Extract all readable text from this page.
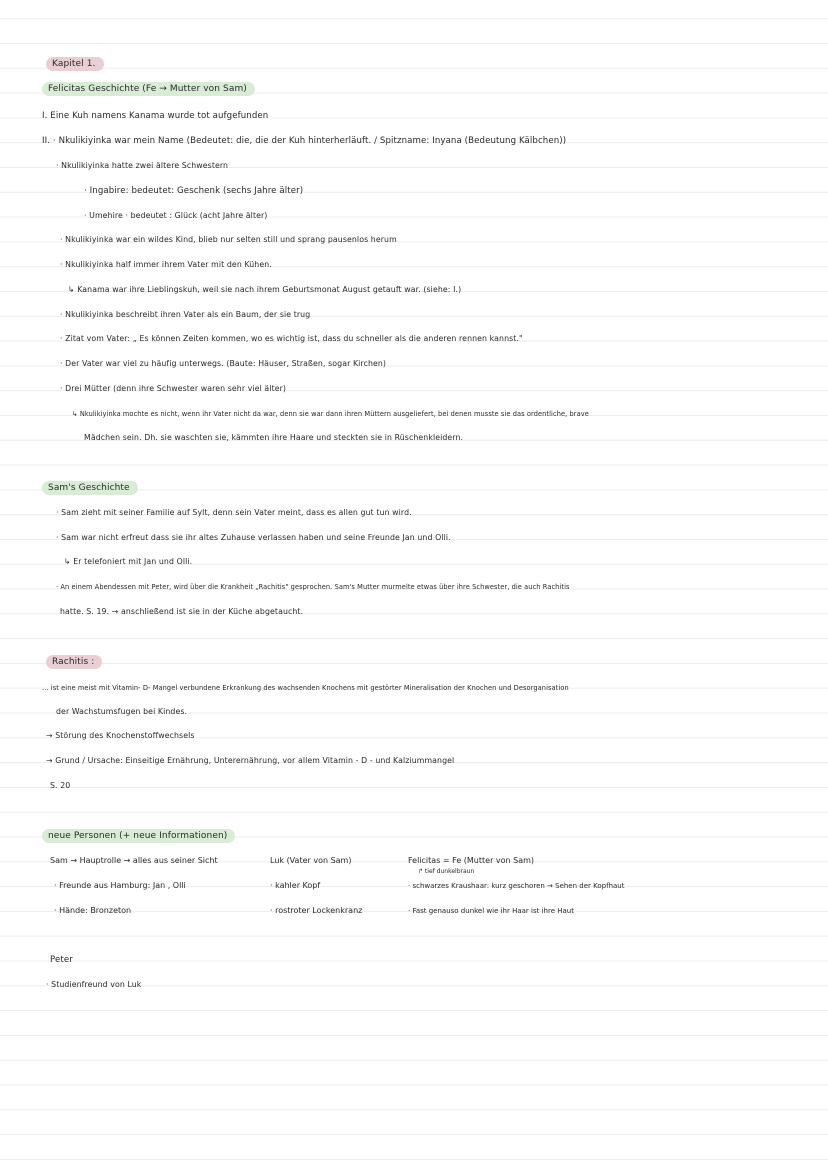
Kapitel 1.
Felicitas Geschichte (Fe → Mutter von Sam)
I. Eine Kuh namens Kanama wurde tot aufgefunden
II. · Nkulikiyinka war mein Name (Bedeutet: die, die der Kuh hinterherläuft. / Spitzname: Inyana (Bedeutung Kälbchen))
· Nkulikiyinka hatte zwei ältere Schwestern
· Ingabire: bedeutet: Geschenk (sechs Jahre älter)
· Umehire · bedeutet : Glück (acht Jahre älter)
· Nkulikiyinka war ein wildes Kind, blieb nur selten still und sprang pausenlos herum
· Nkulikiyinka half immer ihrem Vater mit den Kühen.
↳ Kanama war ihre Lieblingskuh, weil sie nach ihrem Geburtsmonat August getauft war. (siehe: I.)
· Nkulikiyinka beschreibt ihren Vater als ein Baum, der sie trug
· Zitat vom Vater: „ Es können Zeiten kommen, wo es wichtig ist, dass du schneller als die anderen rennen kannst."
· Der Vater war viel zu häufig unterwegs. (Baute: Häuser, Straßen, sogar Kirchen)
· Drei Mütter (denn ihre Schwester waren sehr viel älter)
↳ Nkulikiyinka mochte es nicht, wenn ihr Vater nicht da war, denn sie war dann ihren Müttern ausgeliefert, bei denen musste sie das ordentliche, brave
Mädchen sein. Dh. sie waschten sie, kämmten ihre Haare und steckten sie in Rüschenkleidern.
Sam's Geschichte
· Sam zieht mit seiner Familie auf Sylt, denn sein Vater meint, dass es allen gut tun wird.
· Sam war nicht erfreut dass sie ihr altes Zuhause verlassen haben und seine Freunde Jan und Olli.
↳ Er telefoniert mit Jan und Olli.
· An einem Abendessen mit Peter, wird über die Krankheit „Rachitis" gesprochen. Sam's Mutter murmelte etwas über ihre Schwester, die auch Rachitis
hatte. S. 19. → anschließend ist sie in der Küche abgetaucht.
Rachitis :
... ist eine meist mit Vitamin- D- Mangel verbundene Erkrankung des wachsenden Knochens mit gestörter Mineralisation der Knochen und Desorganisation
der Wachstumsfugen bei Kindes.
→ Störung des Knochenstoffwechsels
→ Grund / Ursache: Einseitige Ernährung, Unterernährung, vor allem Vitamin - D - und Kalziummangel
S. 20
neue Personen (+ neue Informationen)
Sam → Hauptrolle → alles aus seiner Sicht
· Freunde aus Hamburg: Jan , Olli
· Hände: Bronzeton
Luk (Vater von Sam)
· kahler Kopf
· rostroter Lockenkranz
Felicitas = Fe (Mutter von Sam)
↱ tief dunkelbraun
· schwarzes Kraushaar: kurz geschoren → Sehen der Kopfhaut
· Fast genauso dunkel wie ihr Haar ist ihre Haut
Peter
· Studienfreund von Luk
